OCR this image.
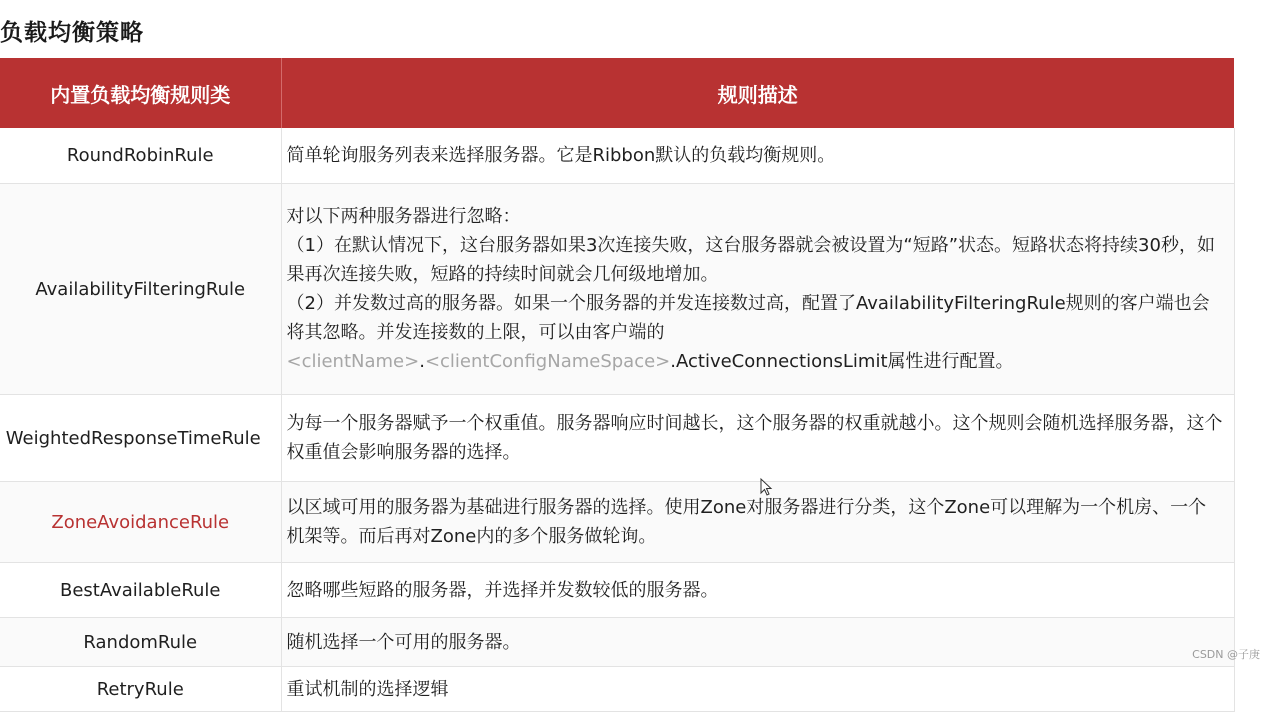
负载均衡策略
内置负载均衡规则类	规则描述
RoundRobinRule	简单轮询服务列表来选择服务器。它是Ribbon默认的负载均衡规则。
AvailabilityFilteringRule	对以下两种服务器进行忽略：
（1）在默认情况下，这台服务器如果3次连接失败，这台服务器就会被设置为“短路”状态。短路状态将持续30秒，如果再次连接失败，短路的持续时间就会几何级地增加。
（2）并发数过高的服务器。如果一个服务器的并发连接数过高，配置了AvailabilityFilteringRule规则的客户端也会将其忽略。并发连接数的上限，可以由客户端的
<clientName>.<clientConfigNameSpace>.ActiveConnectionsLimit属性进行配置。

WeightedResponseTimeRule	为每一个服务器赋予一个权重值。服务器响应时间越长，这个服务器的权重就越小。这个规则会随机选择服务器，这个权重值会影响服务器的选择。
ZoneAvoidanceRule	以区域可用的服务器为基础进行服务器的选择。使用Zone对服务器进行分类，这个Zone可以理解为一个机房、一个机架等。而后再对Zone内的多个服务做轮询。
BestAvailableRule	忽略哪些短路的服务器，并选择并发数较低的服务器。
RandomRule	随机选择一个可用的服务器。
RetryRule	重试机制的选择逻辑
CSDN @子庚
